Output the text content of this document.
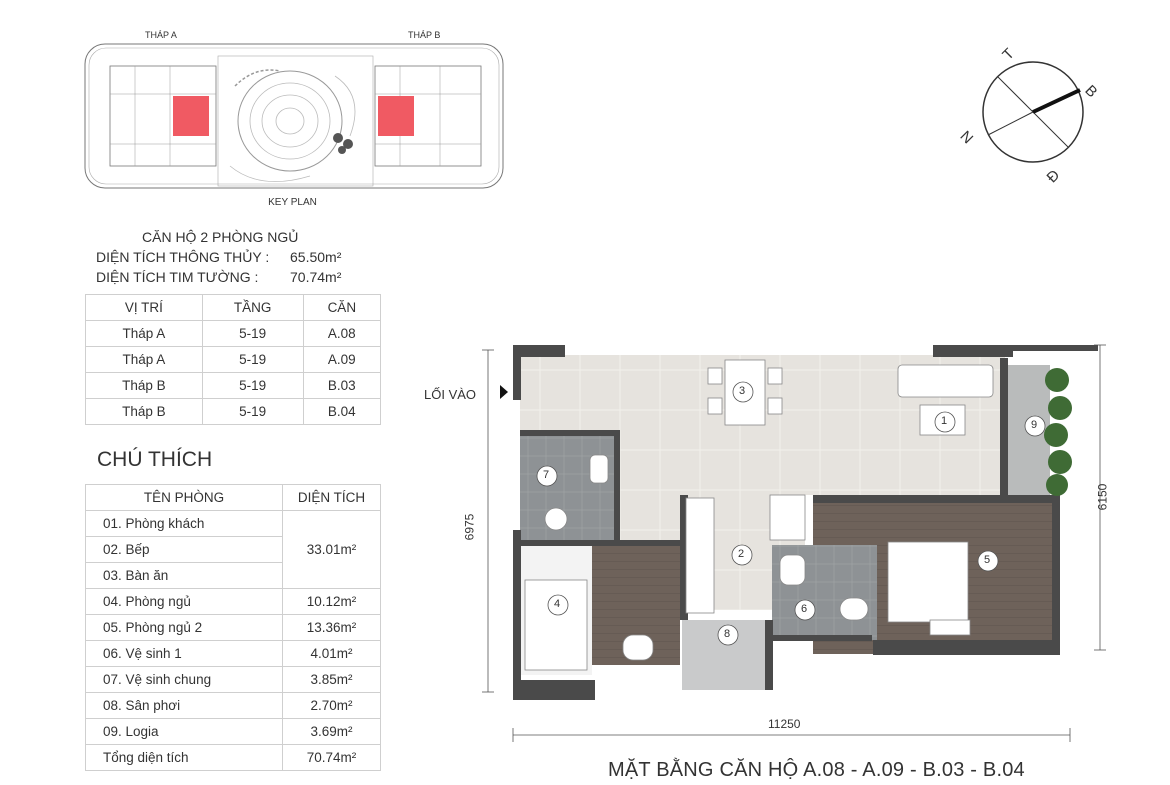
THÁP A	THÁP B
KEY PLAN
T
B
N
Đ
CĂN HỘ 2 PHÒNG NGỦ
DIỆN TÍCH THÔNG THỦY : 65.50m²
DIỆN TÍCH TIM TƯỜNG : 70.74m²
VỊ TRÍ	TẦNG	CĂN
Tháp A	5-19	A.08
Tháp A	5-19	A.09
Tháp B	5-19	B.03
Tháp B	5-19	B.04
CHÚ THÍCH
TÊN PHÒNG	DIỆN TÍCH
01. Phòng khách	33.01m²
02. Bếp	
03. Bàn ăn	
04. Phòng ngủ	10.12m²
05. Phòng ngủ 2	13.36m²
06. Vệ sinh 1	4.01m²
07. Vệ sinh chung	3.85m²
08. Sân phơi	2.70m²
09. Logia	3.69m²
Tổng diện tích	70.74m²
1
2
3
4
5
6
7
8
9
LỐI VÀO
6975
6150
11250
MẶT BẰNG CĂN HỘ A.08 - A.09 - B.03 - B.04
